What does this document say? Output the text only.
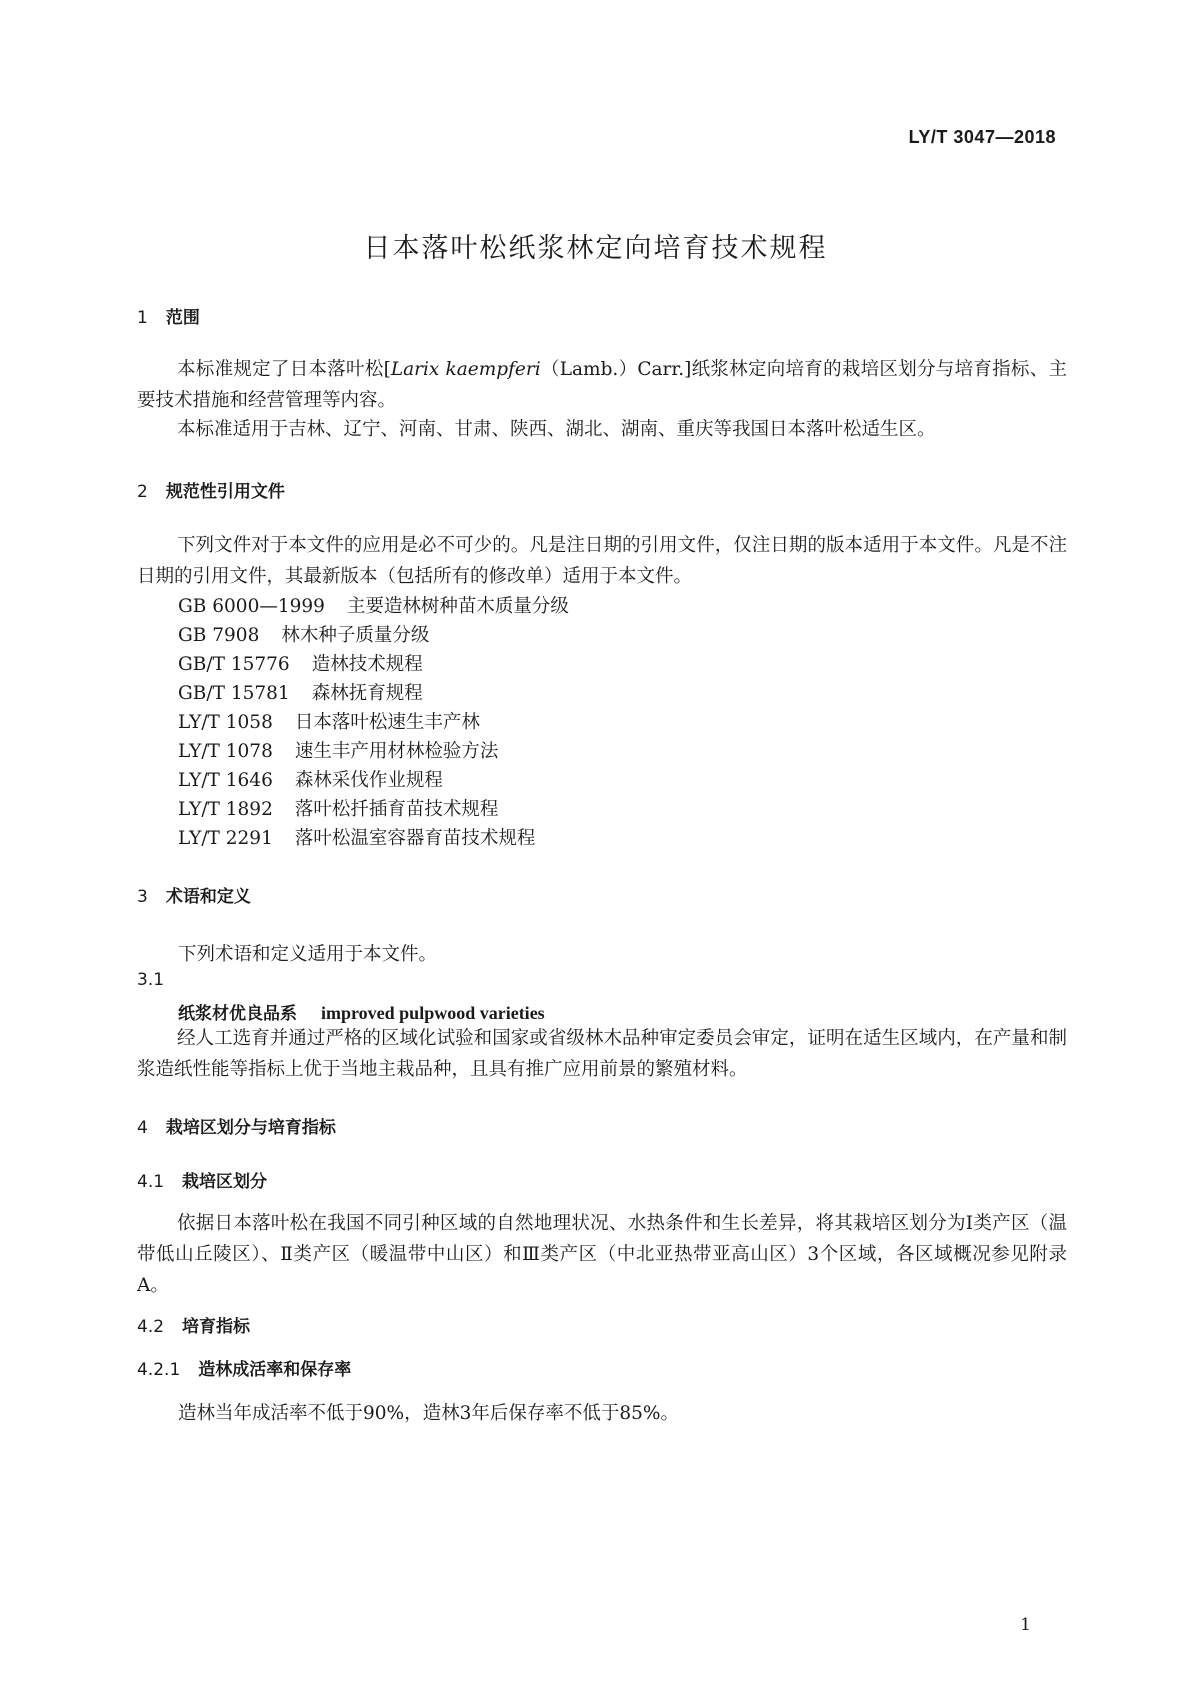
LY/T 3047—2018
日本落叶松纸浆林定向培育技术规程
1 范围
本标准规定了日本落叶松[Larix kaempferi（Lamb.）Carr.]纸浆林定向培育的栽培区划分与培育指标、主要技术措施和经营管理等内容。
本标准适用于吉林、辽宁、河南、甘肃、陕西、湖北、湖南、重庆等我国日本落叶松适生区。
2 规范性引用文件
下列文件对于本文件的应用是必不可少的。凡是注日期的引用文件，仅注日期的版本适用于本文件。凡是不注日期的引用文件，其最新版本（包括所有的修改单）适用于本文件。
GB 6000—1999 主要造林树种苗木质量分级
GB 7908 林木种子质量分级
GB/T 15776 造林技术规程
GB/T 15781 森林抚育规程
LY/T 1058 日本落叶松速生丰产林
LY/T 1078 速生丰产用材林检验方法
LY/T 1646 森林采伐作业规程
LY/T 1892 落叶松扦插育苗技术规程
LY/T 2291 落叶松温室容器育苗技术规程
3 术语和定义
下列术语和定义适用于本文件。
3.1
纸浆材优良品系 improved pulpwood varieties
经人工选育并通过严格的区域化试验和国家或省级林木品种审定委员会审定，证明在适生区域内，在产量和制浆造纸性能等指标上优于当地主栽品种，且具有推广应用前景的繁殖材料。
4 栽培区划分与培育指标
4.1 栽培区划分
依据日本落叶松在我国不同引种区域的自然地理状况、水热条件和生长差异，将其栽培区划分为Ⅰ类产区（温带低山丘陵区）、Ⅱ类产区（暖温带中山区）和Ⅲ类产区（中北亚热带亚高山区）3个区域，各区域概况参见附录A。
4.2 培育指标
4.2.1 造林成活率和保存率
造林当年成活率不低于90%，造林3年后保存率不低于85%。
1
